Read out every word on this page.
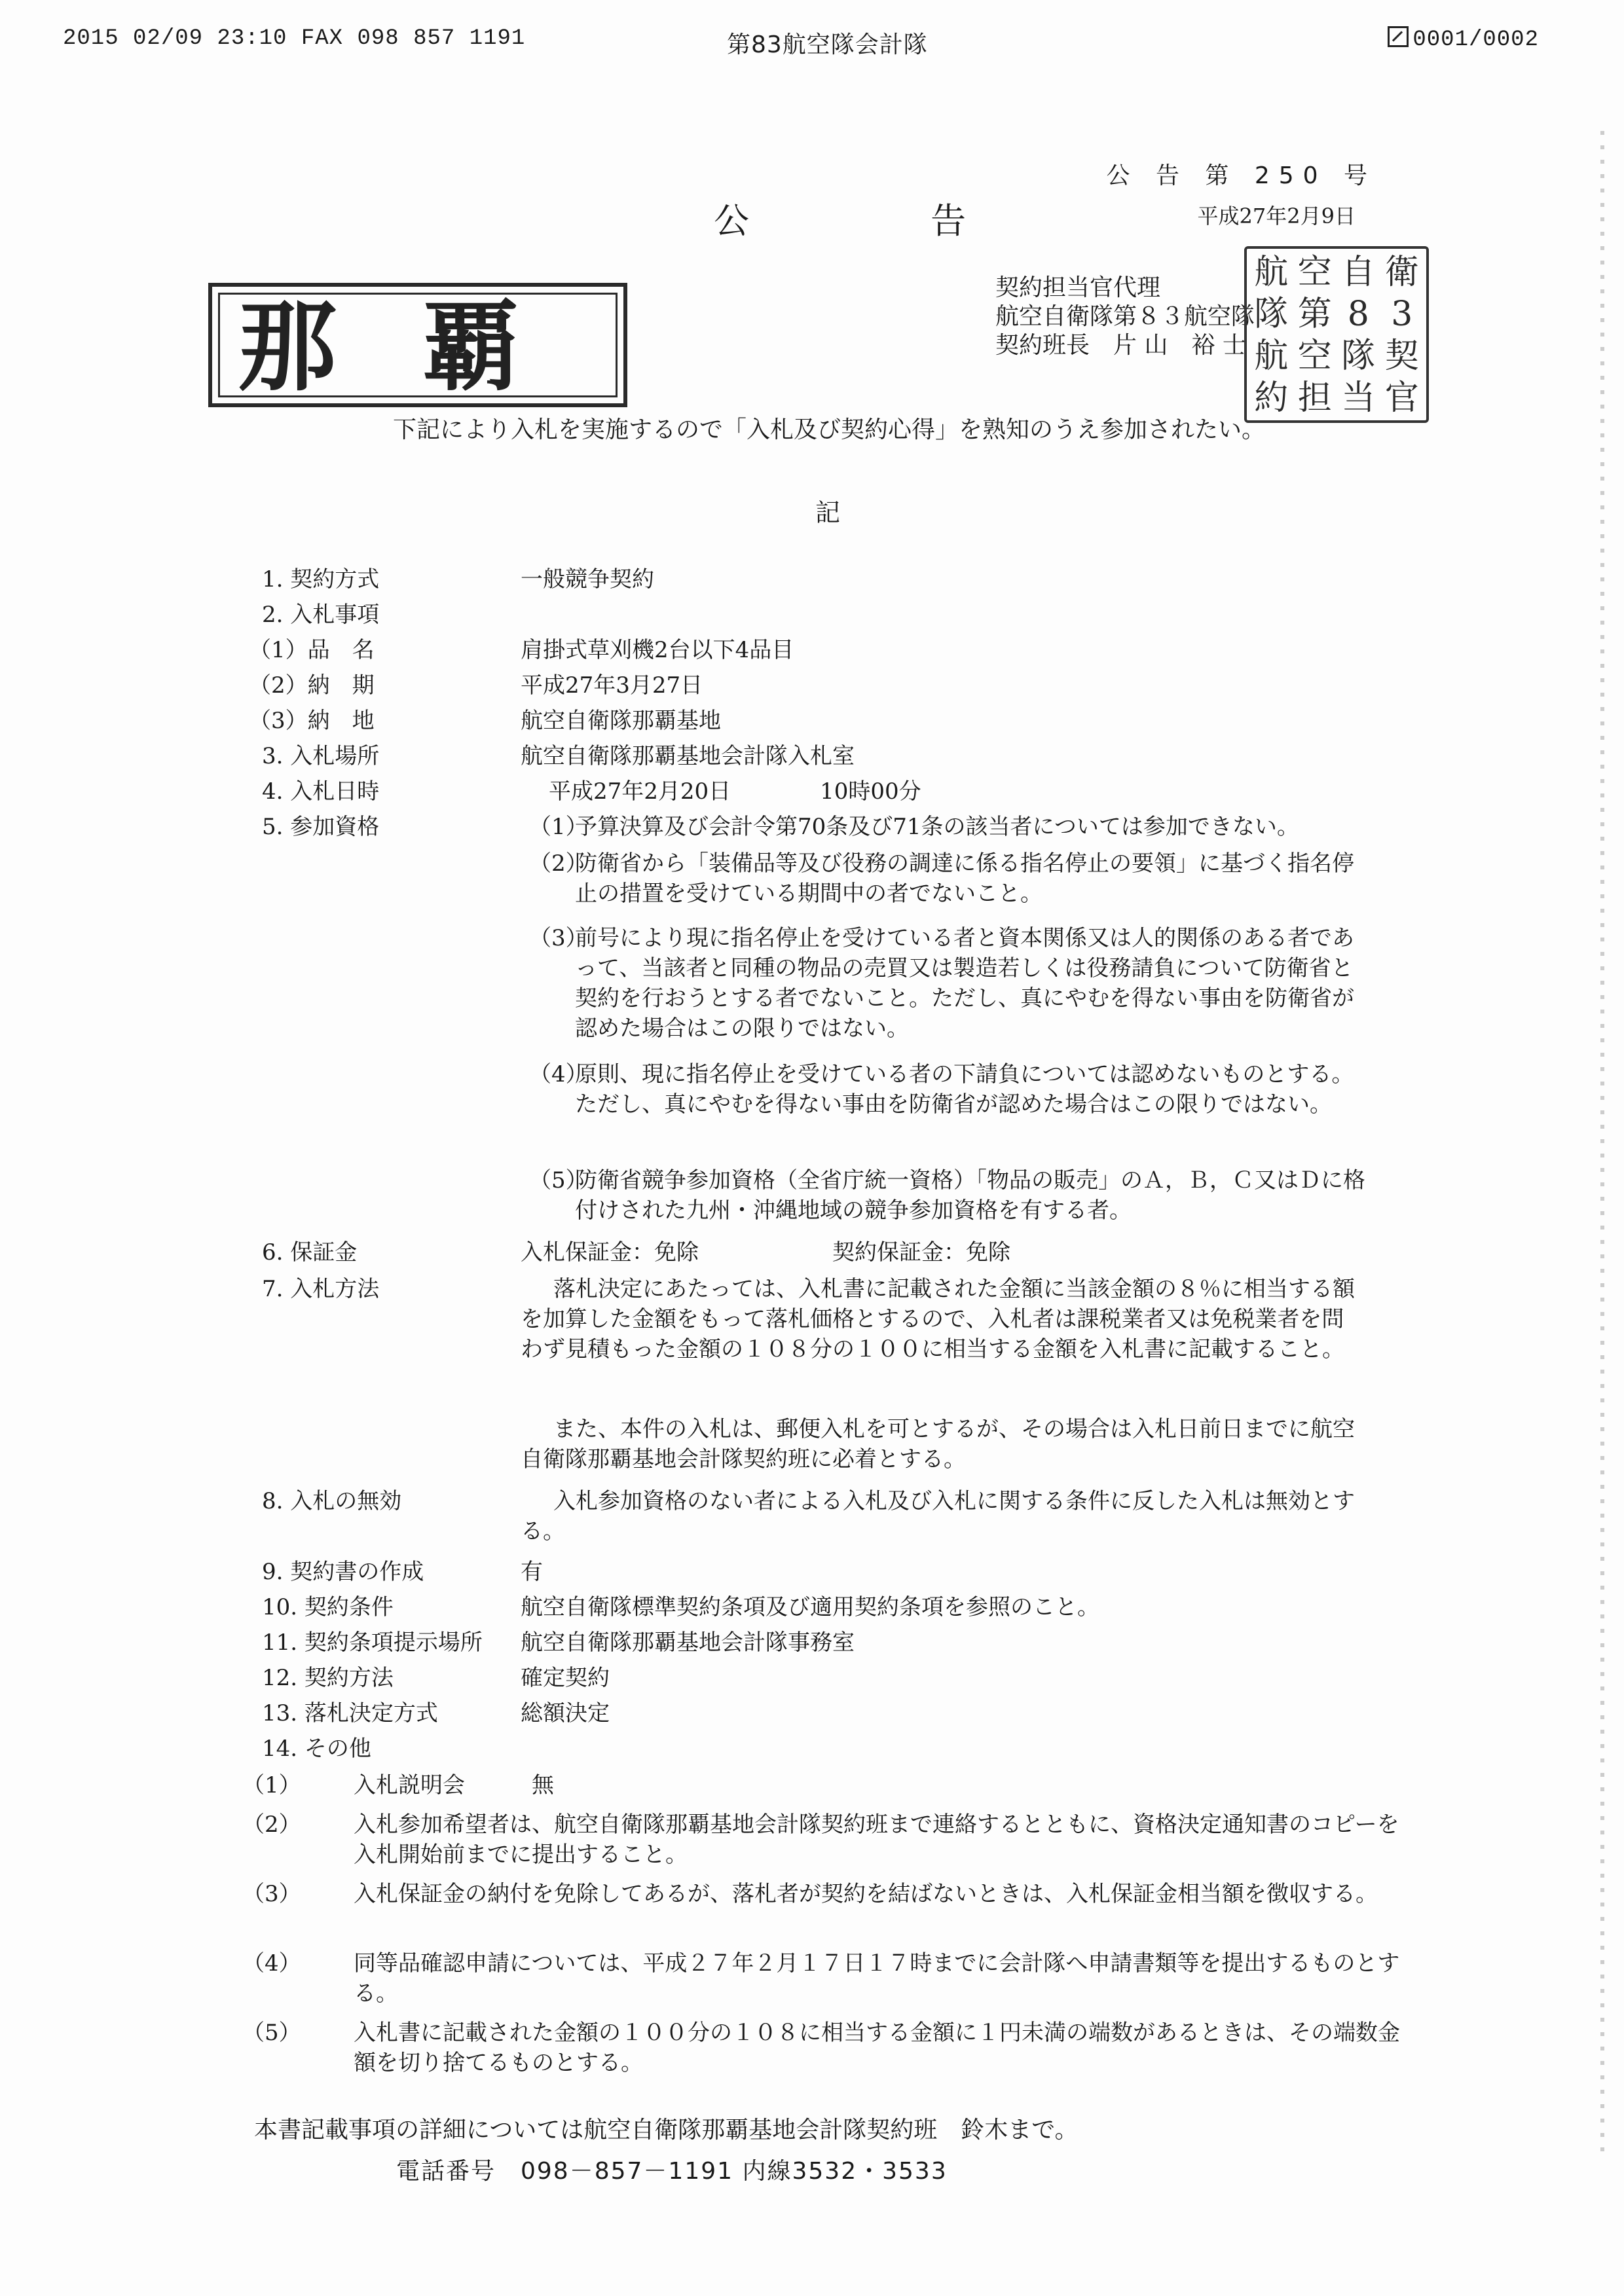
2015 02/09 23:10 FAX 098 857 1191	第83航空隊会計隊	0001/0002
公 告 第 250 号
公 告	平成27年2月9日
契約担当官代理
航空自衛隊第８３航空隊
契約班長　片 山　裕 士
航 空 自 衛
隊 第 8 3
航 空 隊 契
約 担 当 官
那覇
下記により入札を実施するので「入札及び契約心得」を熟知のうえ参加されたい。
記
1. 契約方式	一般競争契約
2. 入札事項
（1）品　名	肩掛式草刈機2台以下4品目
（2）納　期	平成27年3月27日
（3）納　地	航空自衛隊那覇基地
3. 入札場所	航空自衛隊那覇基地会計隊入札室
4. 入札日時	平成27年2月20日　　　　10時00分
5. 参加資格	（1）
予算決算及び会計令第70条及び71条の該当者については参加できない。
（2）
防衛省から「装備品等及び役務の調達に係る指名停止の要領」に基づく指名停止の措置を受けている期間中の者でないこと。
（3）
前号により現に指名停止を受けている者と資本関係又は人的関係のある者であって、当該者と同種の物品の売買又は製造若しくは役務請負について防衛省と契約を行おうとする者でないこと。ただし、真にやむを得ない事由を防衛省が認めた場合はこの限りではない。
（4）
原則、現に指名停止を受けている者の下請負については認めないものとする。ただし、真にやむを得ない事由を防衛省が認めた場合はこの限りではない。
（5）
防衛省競争参加資格（全省庁統一資格）「物品の販売」のＡ，Ｂ，Ｃ又はＤに格付けされた九州・沖縄地域の競争参加資格を有する者。
6. 保証金	入札保証金：免除　　　　　　契約保証金：免除
7. 入札方法	落札決定にあたっては、入札書に記載された金額に当該金額の８％に相当する額を加算した金額をもって落札価格とするので、入札者は課税業者又は免税業者を問わず見積もった金額の１０８分の１００に相当する金額を入札書に記載すること。
また、本件の入札は、郵便入札を可とするが、その場合は入札日前日までに航空自衛隊那覇基地会計隊契約班に必着とする。
8. 入札の無効	入札参加資格のない者による入札及び入札に関する条件に反した入札は無効とする。
9. 契約書の作成	有
10. 契約条件	航空自衛隊標準契約条項及び適用契約条項を参照のこと。
11. 契約条項提示場所 航空自衛隊那覇基地会計隊事務室
12. 契約方法	確定契約
13. 落札決定方式	総額決定
14. その他
（1） 入札説明会　　　無
（2） 入札参加希望者は、航空自衛隊那覇基地会計隊契約班まで連絡するとともに、資格決定通知書のコピーを入札開始前までに提出すること。
（3） 入札保証金の納付を免除してあるが、落札者が契約を結ばないときは、入札保証金相当額を徴収する。
（4） 同等品確認申請については、平成２７年２月１７日１７時までに会計隊へ申請書類等を提出するものとする。
（5） 入札書に記載された金額の１００分の１０８に相当する金額に１円未満の端数があるときは、その端数金額を切り捨てるものとする。
本書記載事項の詳細については航空自衛隊那覇基地会計隊契約班　鈴木まで。
電話番号　098－857－1191 内線3532・3533
